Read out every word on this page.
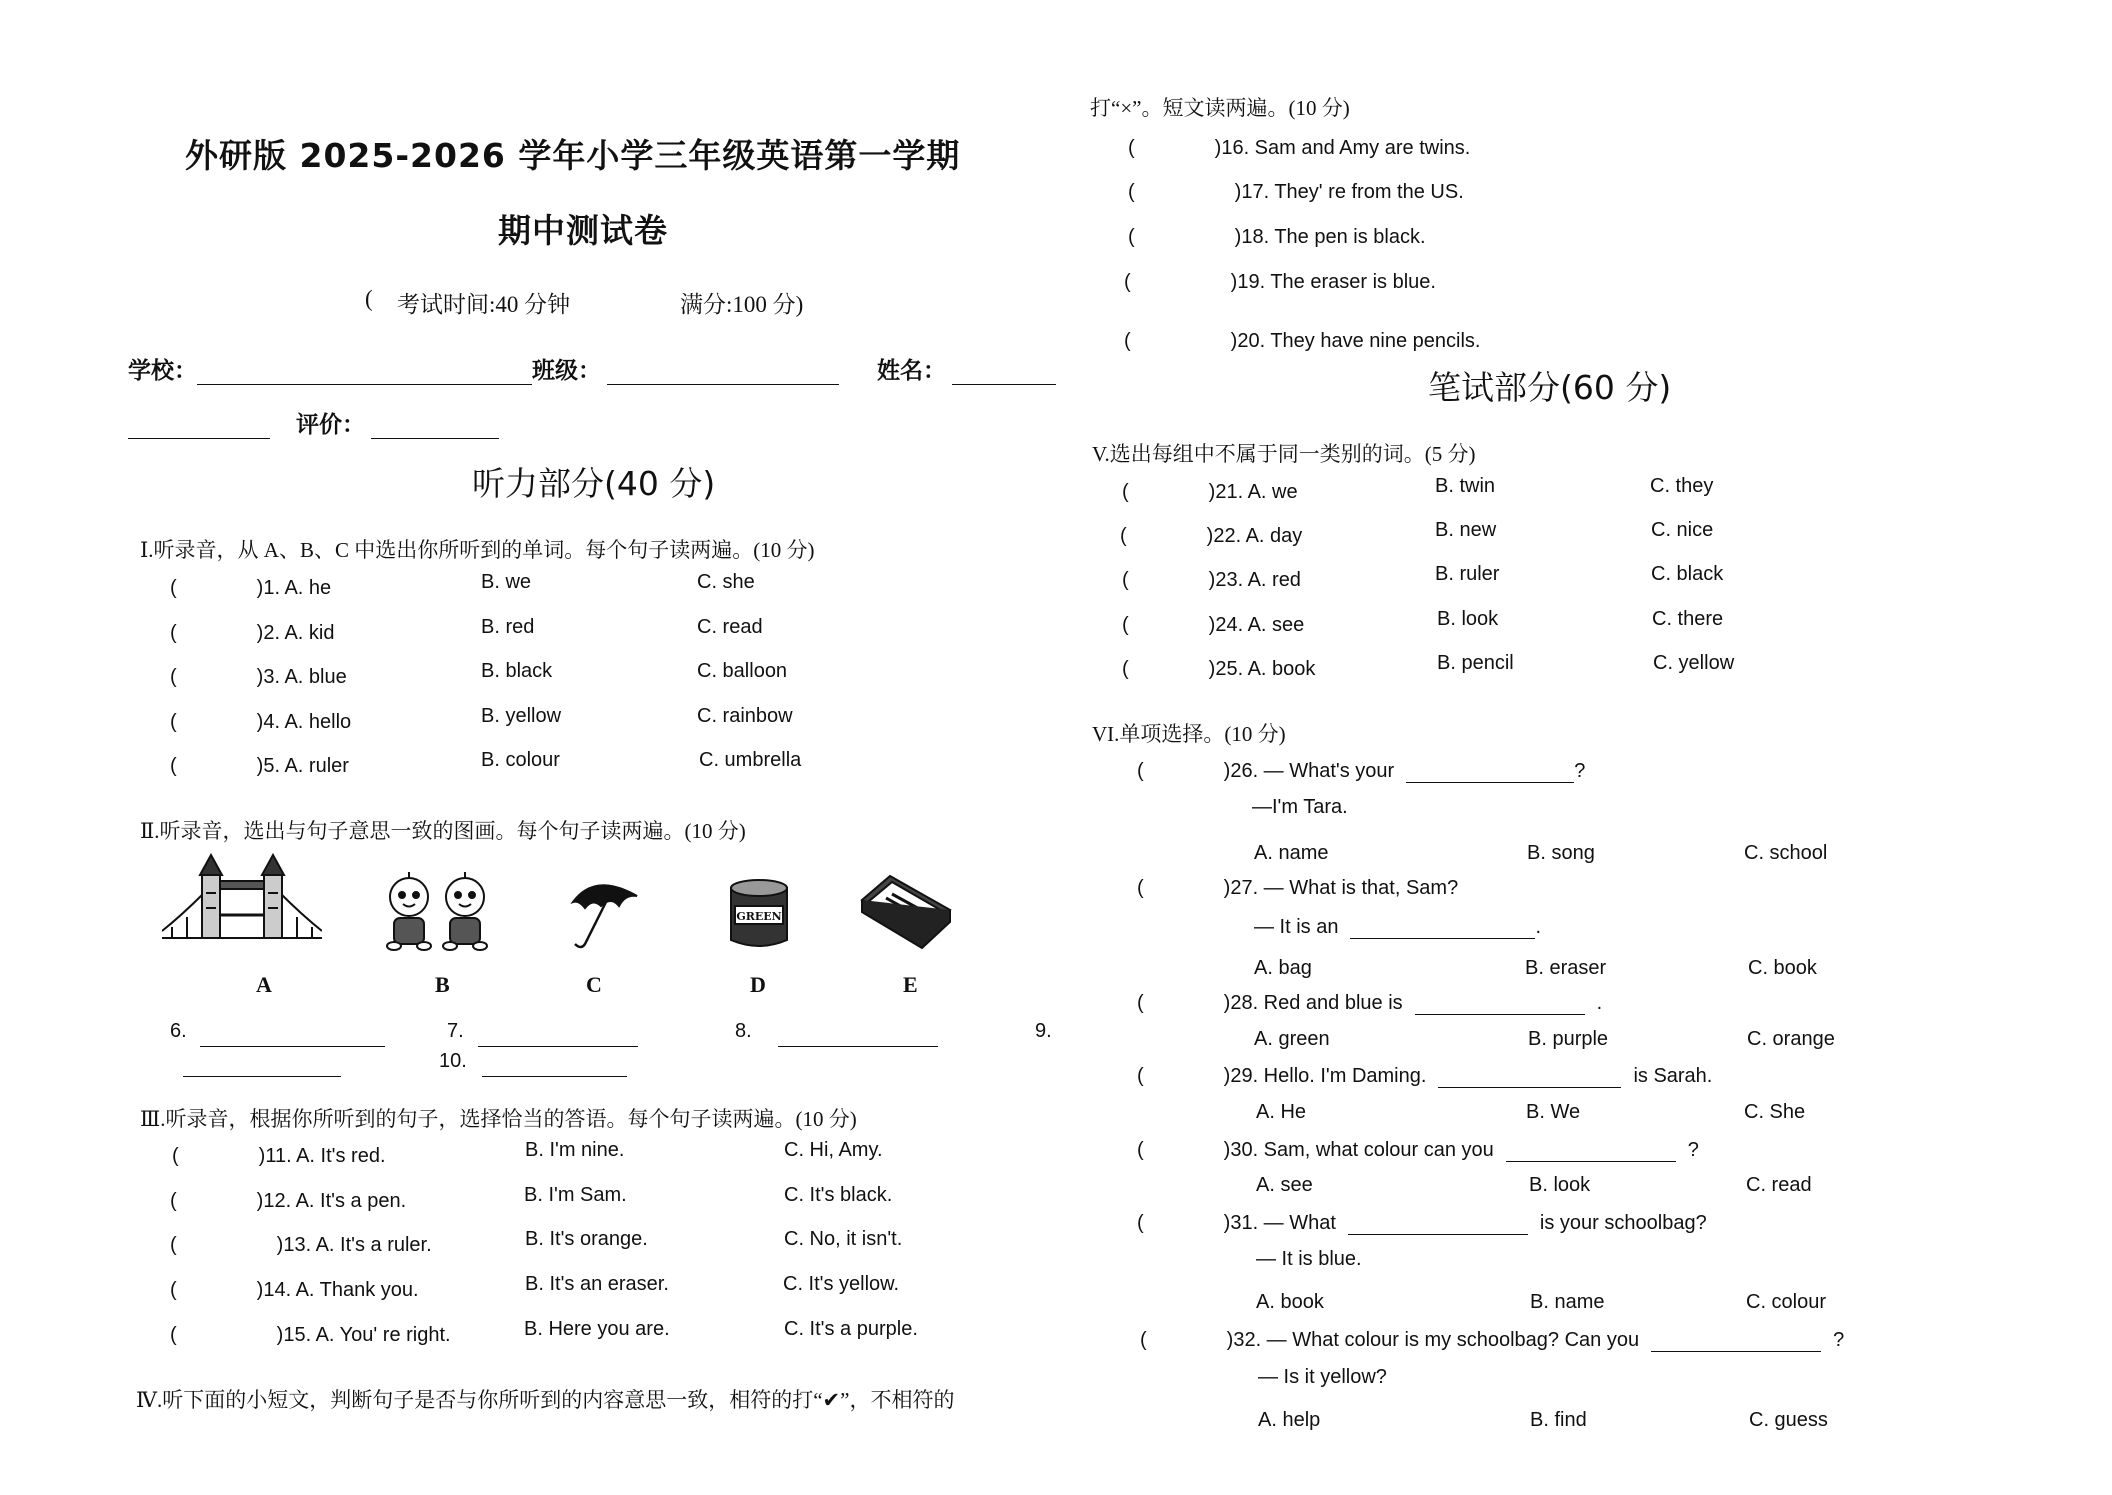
外研版 2025-2026 学年小学三年级英语第一学期
期中测试卷
( 考试时间:40 分钟	满分:100 分)
学校：	班级：	姓名：
评价：
听力部分(40 分)
Ⅰ.听录音，从 A、B、C 中选出你所听到的单词。每个句子读两遍。(10 分)
(　　　　)1. A. he	B. we	C. she
(　　　　)2. A. kid	B. red	C. read
(　　　　)3. A. blue	B. black	C. balloon
(　　　　)4. A. hello	B. yellow	C. rainbow
(　　　　)5. A. ruler	B. colour	C. umbrella
Ⅱ.听录音，选出与句子意思一致的图画。每个句子读两遍。(10 分)
A	B	C
GREEN
D	E
6.	7.	8.	9.
10.
Ⅲ.听录音，根据你所听到的句子，选择恰当的答语。每个句子读两遍。(10 分)
(　　　　)11. A. It's red.	B. I'm nine.	C. Hi, Amy.
(　　　　)12. A. It's a pen.	B. I'm Sam.	C. It's black.
(　　　　　)13. A. It's a ruler.	B. It's orange.	C. No, it isn't.
(　　　　)14. A. Thank you.	B. It's an eraser.	C. It's yellow.
(　　　　　)15. A. You' re right.	B. Here you are.	C. It's a purple.
Ⅳ.听下面的小短文，判断句子是否与你所听到的内容意思一致，相符的打“✔”，不相符的
打“×”。短文读两遍。(10 分)
(　　　　)16. Sam and Amy are twins.
(　　　　　)17. They' re from the US.
(　　　　　)18. The pen is black.
(　　　　　)19. The eraser is blue.
(　　　　　)20. They have nine pencils.
笔试部分(60 分)
V.选出每组中不属于同一类别的词。(5 分)
(　　　　)21. A. we	B. twin	C. they
(　　　　)22. A. day	B. new	C. nice
(　　　　)23. A. red	B. ruler	C. black
(　　　　)24. A. see	B. look	C. there
(　　　　)25. A. book	B. pencil	C. yellow
VI.单项选择。(10 分)
(　　　　)26. — What's your	?
—I'm Tara.
A. name	B. song	C. school
(　　　　)27. — What is that, Sam?
— It is an	.
A. bag	B. eraser	C. book
(　　　　)28. Red and blue is	.
A. green	B. purple	C. orange
(　　　　)29. Hello. I'm Daming.	is Sarah.
A. He	B. We	C. She
(　　　　)30. Sam, what colour can you	?
A. see	B. look	C. read
(　　　　)31. — What	is your schoolbag?
— It is blue.
A. book	B. name	C. colour
(　　　　)32. — What colour is my schoolbag? Can you	?
— Is it yellow?
A. help	B. find	C. guess
